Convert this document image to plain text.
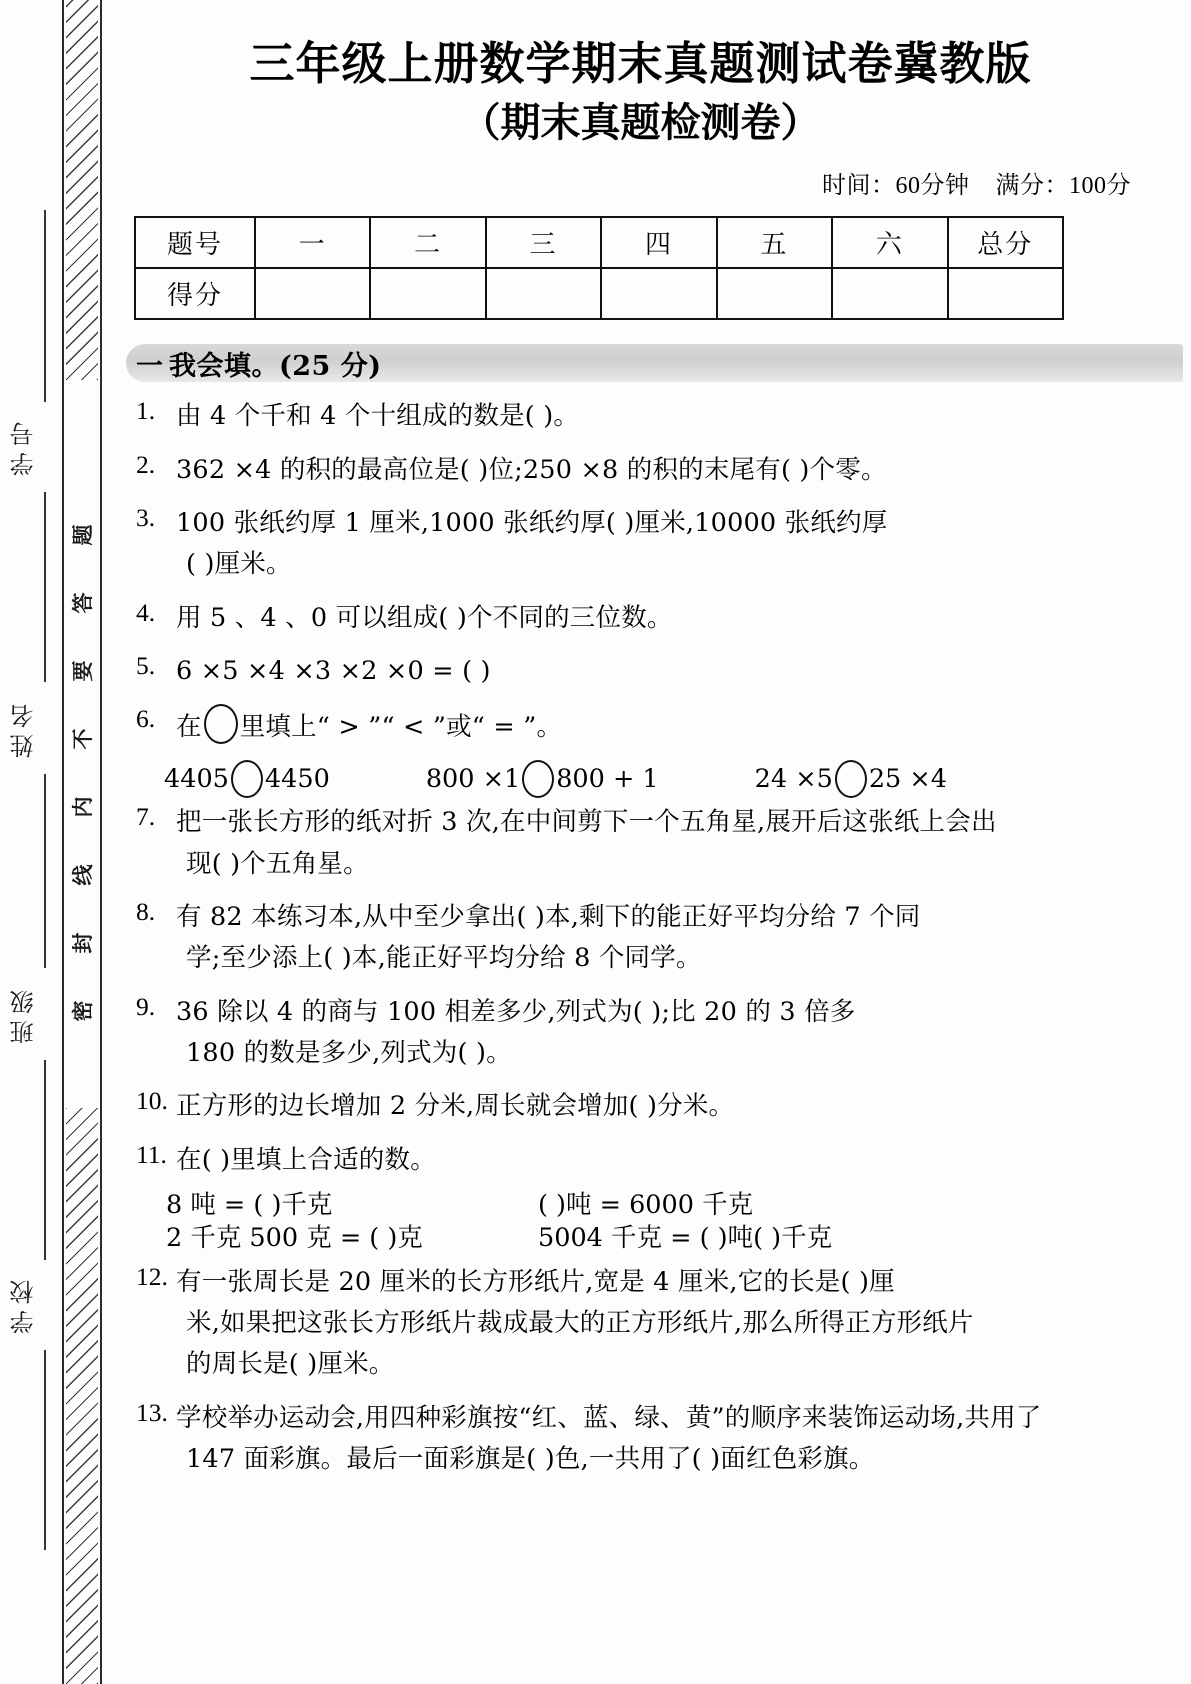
题
答
要
不
内
线
封
密
学号
姓名
班级
学校
三年级上册数学期末真题测试卷冀教版
（期末真题检测卷）
时间：60分钟 满分：100分
题号	一	二	三	四	五	六	总分
得分							
一 我会填。(25 分)
1. 由 4 个千和 4 个十组成的数是( )。
2. 362 ×4 的积的最高位是( )位;250 ×8 的积的末尾有( )个零。
3. 100 张纸约厚 1 厘米,1000 张纸约厚( )厘米,10000 张纸约厚
( )厘米。
4. 用 5 、4 、0 可以组成( )个不同的三位数。
5. 6 ×5 ×4 ×3 ×2 ×0 = ( )
6. 在 里填上“ > ”“ < ”或“ = ”。
4405 4450	800 ×1 800 + 1	24 ×5 25 ×4
7. 把一张长方形的纸对折 3 次,在中间剪下一个五角星,展开后这张纸上会出
现( )个五角星。
8. 有 82 本练习本,从中至少拿出( )本,剩下的能正好平均分给 7 个同
学;至少添上( )本,能正好平均分给 8 个同学。
9. 36 除以 4 的商与 100 相差多少,列式为( );比 20 的 3 倍多
180 的数是多少,列式为( )。
10. 正方形的边长增加 2 分米,周长就会增加( )分米。
11. 在( )里填上合适的数。
8 吨 = ( )千克	( )吨 = 6000 千克
2 千克 500 克 = ( )克	5004 千克 = ( )吨( )千克
12. 有一张周长是 20 厘米的长方形纸片,宽是 4 厘米,它的长是( )厘
米,如果把这张长方形纸片裁成最大的正方形纸片,那么所得正方形纸片
的周长是( )厘米。
13. 学校举办运动会,用四种彩旗按“红、蓝、绿、黄”的顺序来装饰运动场,共用了
147 面彩旗。最后一面彩旗是( )色,一共用了( )面红色彩旗。
